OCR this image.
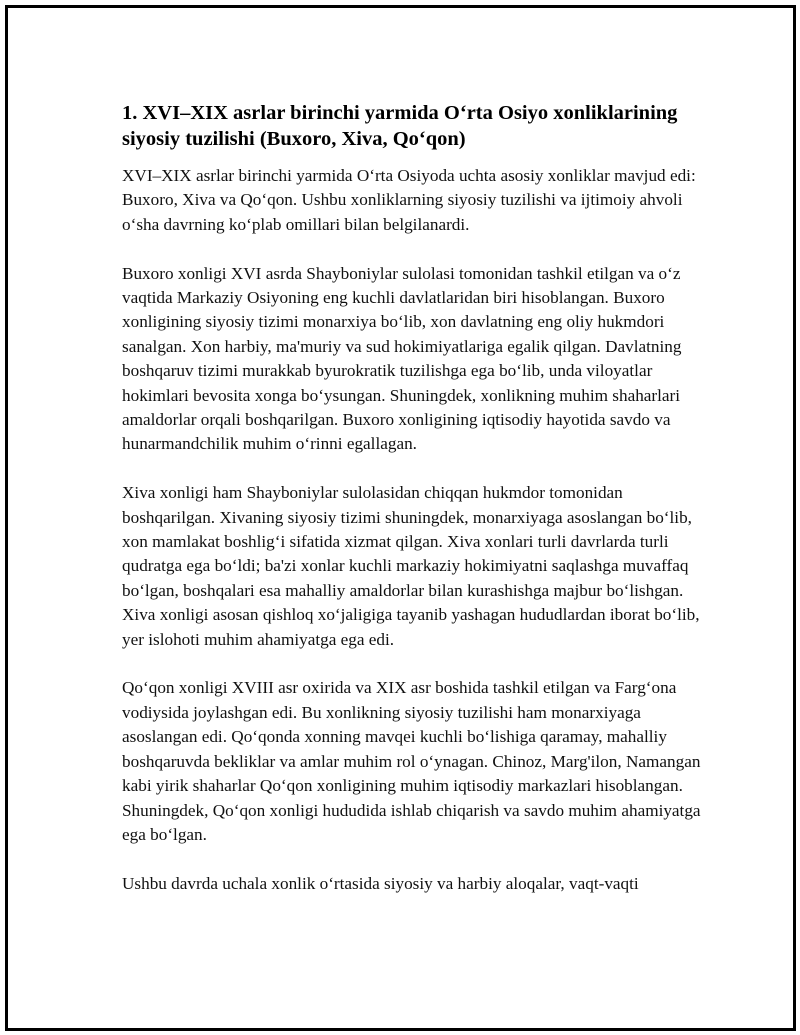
1. XVI–XIX asrlar birinchi yarmida O‘rta Osiyo xonliklarining siyosiy tuzilishi (Buxoro, Xiva, Qo‘qon)

XVI–XIX asrlar birinchi yarmida O‘rta Osiyoda uchta asosiy xonliklar mavjud edi: Buxoro, Xiva va Qo‘qon. Ushbu xonliklarning siyosiy tuzilishi va ijtimoiy ahvoli o‘sha davrning ko‘plab omillari bilan belgilanardi.

Buxoro xonligi XVI asrda Shayboniylar sulolasi tomonidan tashkil etilgan va o‘z vaqtida Markaziy Osiyoning eng kuchli davlatlaridan biri hisoblangan. Buxoro xonligining siyosiy tizimi monarxiya bo‘lib, xon davlatning eng oliy hukmdori sanalgan. Xon harbiy, ma'muriy va sud hokimiyatlariga egalik qilgan. Davlatning boshqaruv tizimi murakkab byurokratik tuzilishga ega bo‘lib, unda viloyatlar hokimlari bevosita xonga bo‘ysungan. Shuningdek, xonlikning muhim shaharlari amaldorlar orqali boshqarilgan. Buxoro xonligining iqtisodiy hayotida savdo va hunarmandchilik muhim o‘rinni egallagan.

Xiva xonligi ham Shayboniylar sulolasidan chiqqan hukmdor tomonidan boshqarilgan. Xivaning siyosiy tizimi shuningdek, monarxiyaga asoslangan bo‘lib, xon mamlakat boshlig‘i sifatida xizmat qilgan. Xiva xonlari turli davrlarda turli qudratga ega bo‘ldi; ba'zi xonlar kuchli markaziy hokimiyatni saqlashga muvaffaq bo‘lgan, boshqalari esa mahalliy amaldorlar bilan kurashishga majbur bo‘lishgan. Xiva xonligi asosan qishloq xo‘jaligiga tayanib yashagan hududlardan iborat bo‘lib, yer islohoti muhim ahamiyatga ega edi.

Qo‘qon xonligi XVIII asr oxirida va XIX asr boshida tashkil etilgan va Farg‘ona vodiysida joylashgan edi. Bu xonlikning siyosiy tuzilishi ham monarxiyaga asoslangan edi. Qo‘qonda xonning mavqei kuchli bo‘lishiga qaramay, mahalliy boshqaruvda bekliklar va amlar muhim rol o‘ynagan. Chinoz, Marg'ilon, Namangan kabi yirik shaharlar Qo‘qon xonligining muhim iqtisodiy markazlari hisoblangan. Shuningdek, Qo‘qon xonligi hududida ishlab chiqarish va savdo muhim ahamiyatga ega bo‘lgan.

Ushbu davrda uchala xonlik o‘rtasida siyosiy va harbiy aloqalar, vaqt-vaqti
